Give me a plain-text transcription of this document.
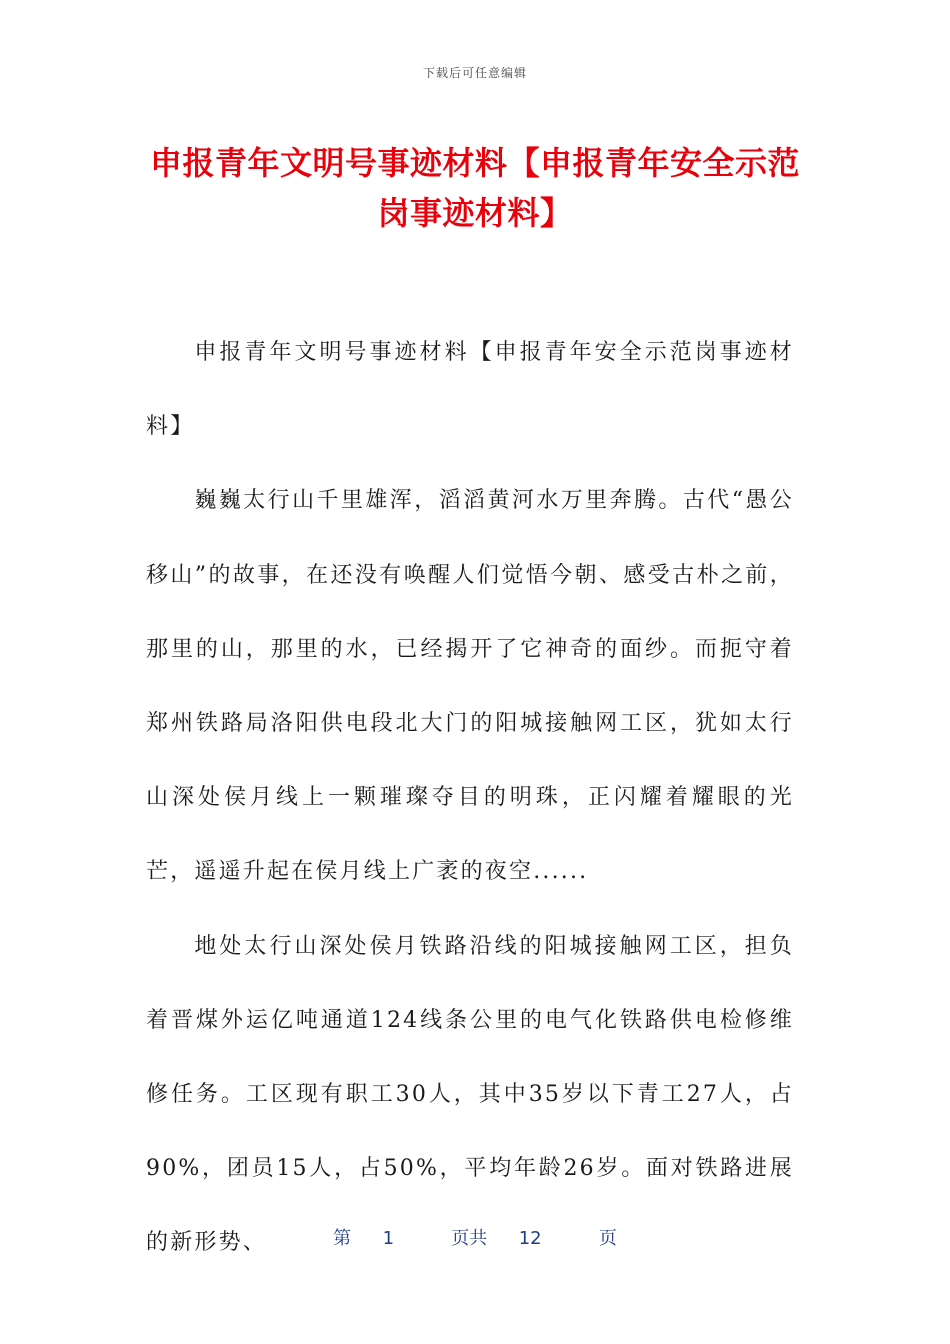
下载后可任意编辑
申报青年文明号事迹材料【申报青年安全示范岗事迹材料】

申报青年文明号事迹材料【申报青年安全示范岗事迹材料】

巍巍太行山千里雄浑，滔滔黄河水万里奔腾。古代“愚公移山”的故事，在还没有唤醒人们觉悟今朝、感受古朴之前，那里的山，那里的水，已经揭开了它神奇的面纱。而扼守着郑州铁路局洛阳供电段北大门的阳城接触网工区，犹如太行山深处侯月线上一颗璀璨夺目的明珠，正闪耀着耀眼的光芒，遥遥升起在侯月线上广袤的夜空......

地处太行山深处侯月铁路沿线的阳城接触网工区，担负着晋煤外运亿吨通道124线条公里的电气化铁路供电检修维修任务。工区现有职工30人，其中35岁以下青工27人，占90%，团员15人，占50%，平均年龄26岁。面对铁路进展的新形势、	第 1	页共 12	页
